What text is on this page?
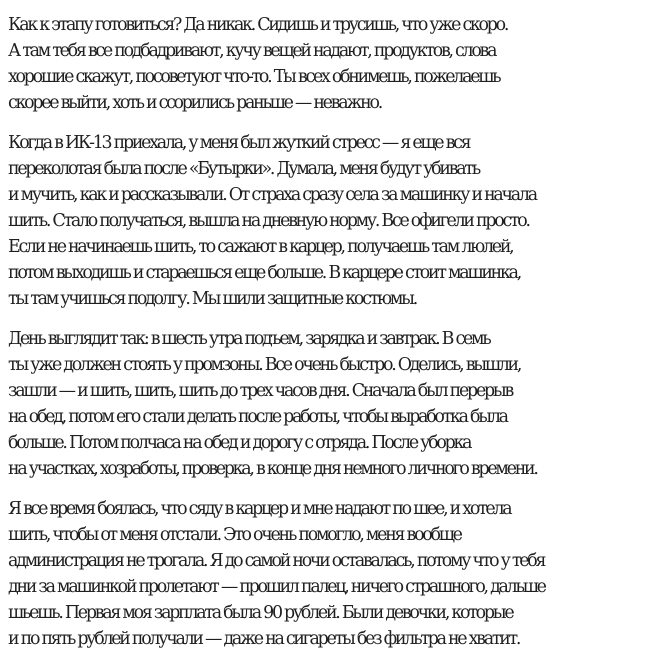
Как к этапу готовиться? Да никак. Сидишь и трусишь, что уже скоро.
А там тебя все подбадривают, кучу вещей надают, продуктов, слова
хорошие скажут, посоветуют что-то. Ты всех обнимешь, пожелаешь
скорее выйти, хоть и ссорились раньше — неважно.

Когда в ИК-13 приехала, у меня был жуткий стресс — я еще вся
переколотая была после «Бутырки». Думала, меня будут убивать
и мучить, как и рассказывали. От страха сразу села за машинку и начала
шить. Стало получаться, вышла на дневную норму. Все офигели просто.
Если не начинаешь шить, то сажают в карцер, получаешь там люлей,
потом выходишь и стараешься еще больше. В карцере стоит машинка,
ты там учишься подолгу. Мы шили защитные костюмы.

День выглядит так: в шесть утра подъем, зарядка и завтрак. В семь
ты уже должен стоять у промзоны. Все очень быстро. Оделись, вышли,
зашли — и шить, шить, шить до трех часов дня. Сначала был перерыв
на обед, потом его стали делать после работы, чтобы выработка была
больше. Потом полчаса на обед и дорогу с отряда. После уборка
на участках, хозработы, проверка, в конце дня немного личного времени.

Я все время боялась, что сяду в карцер и мне надают по шее, и хотела
шить, чтобы от меня отстали. Это очень помогло, меня вообще
администрация не трогала. Я до самой ночи оставалась, потому что у тебя
дни за машинкой пролетают — прошил палец, ничего страшного, дальше
шьешь. Первая моя зарплата была 90 рублей. Были девочки, которые
и по пять рублей получали — даже на сигареты без фильтра не хватит.
